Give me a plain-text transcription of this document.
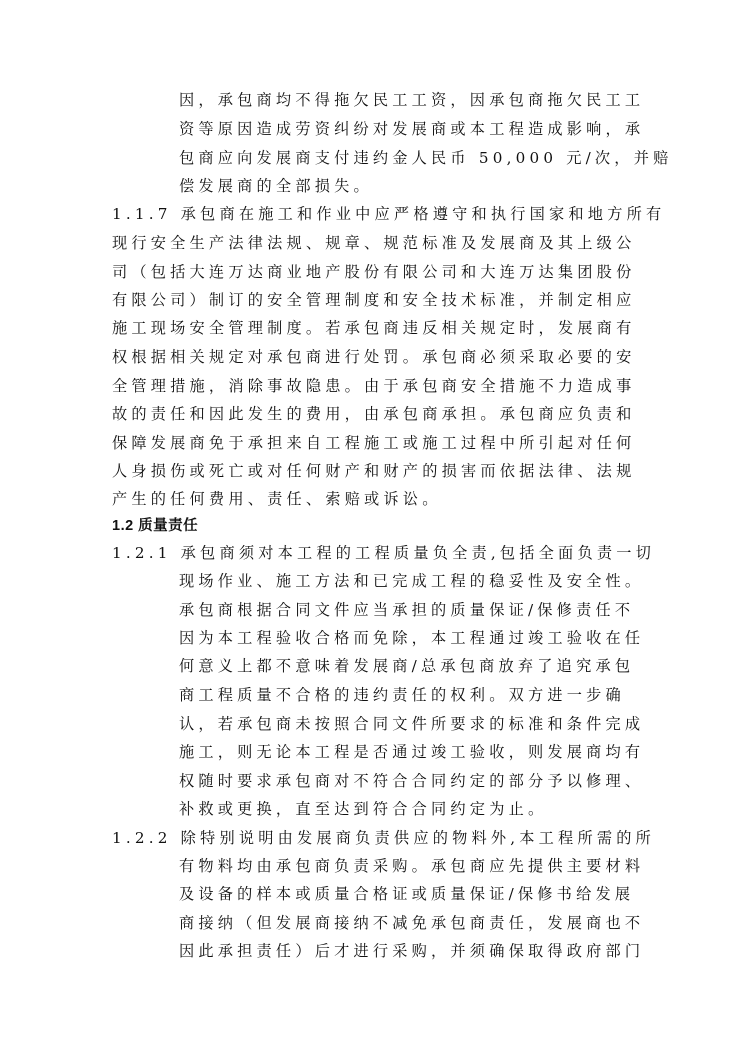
因，承包商均不得拖欠民工工资，因承包商拖欠民工工
资等原因造成劳资纠纷对发展商或本工程造成影响，承
包商应向发展商支付违约金人民币 50,000 元/次，并赔
偿发展商的全部损失。
1.1.7 承包商在施工和作业中应严格遵守和执行国家和地方所有
现行安全生产法律法规、规章、规范标准及发展商及其上级公
司（包括大连万达商业地产股份有限公司和大连万达集团股份
有限公司）制订的安全管理制度和安全技术标准，并制定相应
施工现场安全管理制度。若承包商违反相关规定时，发展商有
权根据相关规定对承包商进行处罚。承包商必须采取必要的安
全管理措施，消除事故隐患。由于承包商安全措施不力造成事
故的责任和因此发生的费用，由承包商承担。承包商应负责和
保障发展商免于承担来自工程施工或施工过程中所引起对任何
人身损伤或死亡或对任何财产和财产的损害而依据法律、法规
产生的任何费用、责任、索赔或诉讼。
1.2 质量责任
1.2.1 承包商须对本工程的工程质量负全责,包括全面负责一切
现场作业、施工方法和已完成工程的稳妥性及安全性。
承包商根据合同文件应当承担的质量保证/保修责任不
因为本工程验收合格而免除，本工程通过竣工验收在任
何意义上都不意味着发展商/总承包商放弃了追究承包
商工程质量不合格的违约责任的权利。双方进一步确
认，若承包商未按照合同文件所要求的标准和条件完成
施工，则无论本工程是否通过竣工验收，则发展商均有
权随时要求承包商对不符合合同约定的部分予以修理、
补救或更换，直至达到符合合同约定为止。
1.2.2 除特别说明由发展商负责供应的物料外,本工程所需的所
有物料均由承包商负责采购。承包商应先提供主要材料
及设备的样本或质量合格证或质量保证/保修书给发展
商接纳（但发展商接纳不减免承包商责任，发展商也不
因此承担责任）后才进行采购，并须确保取得政府部门
